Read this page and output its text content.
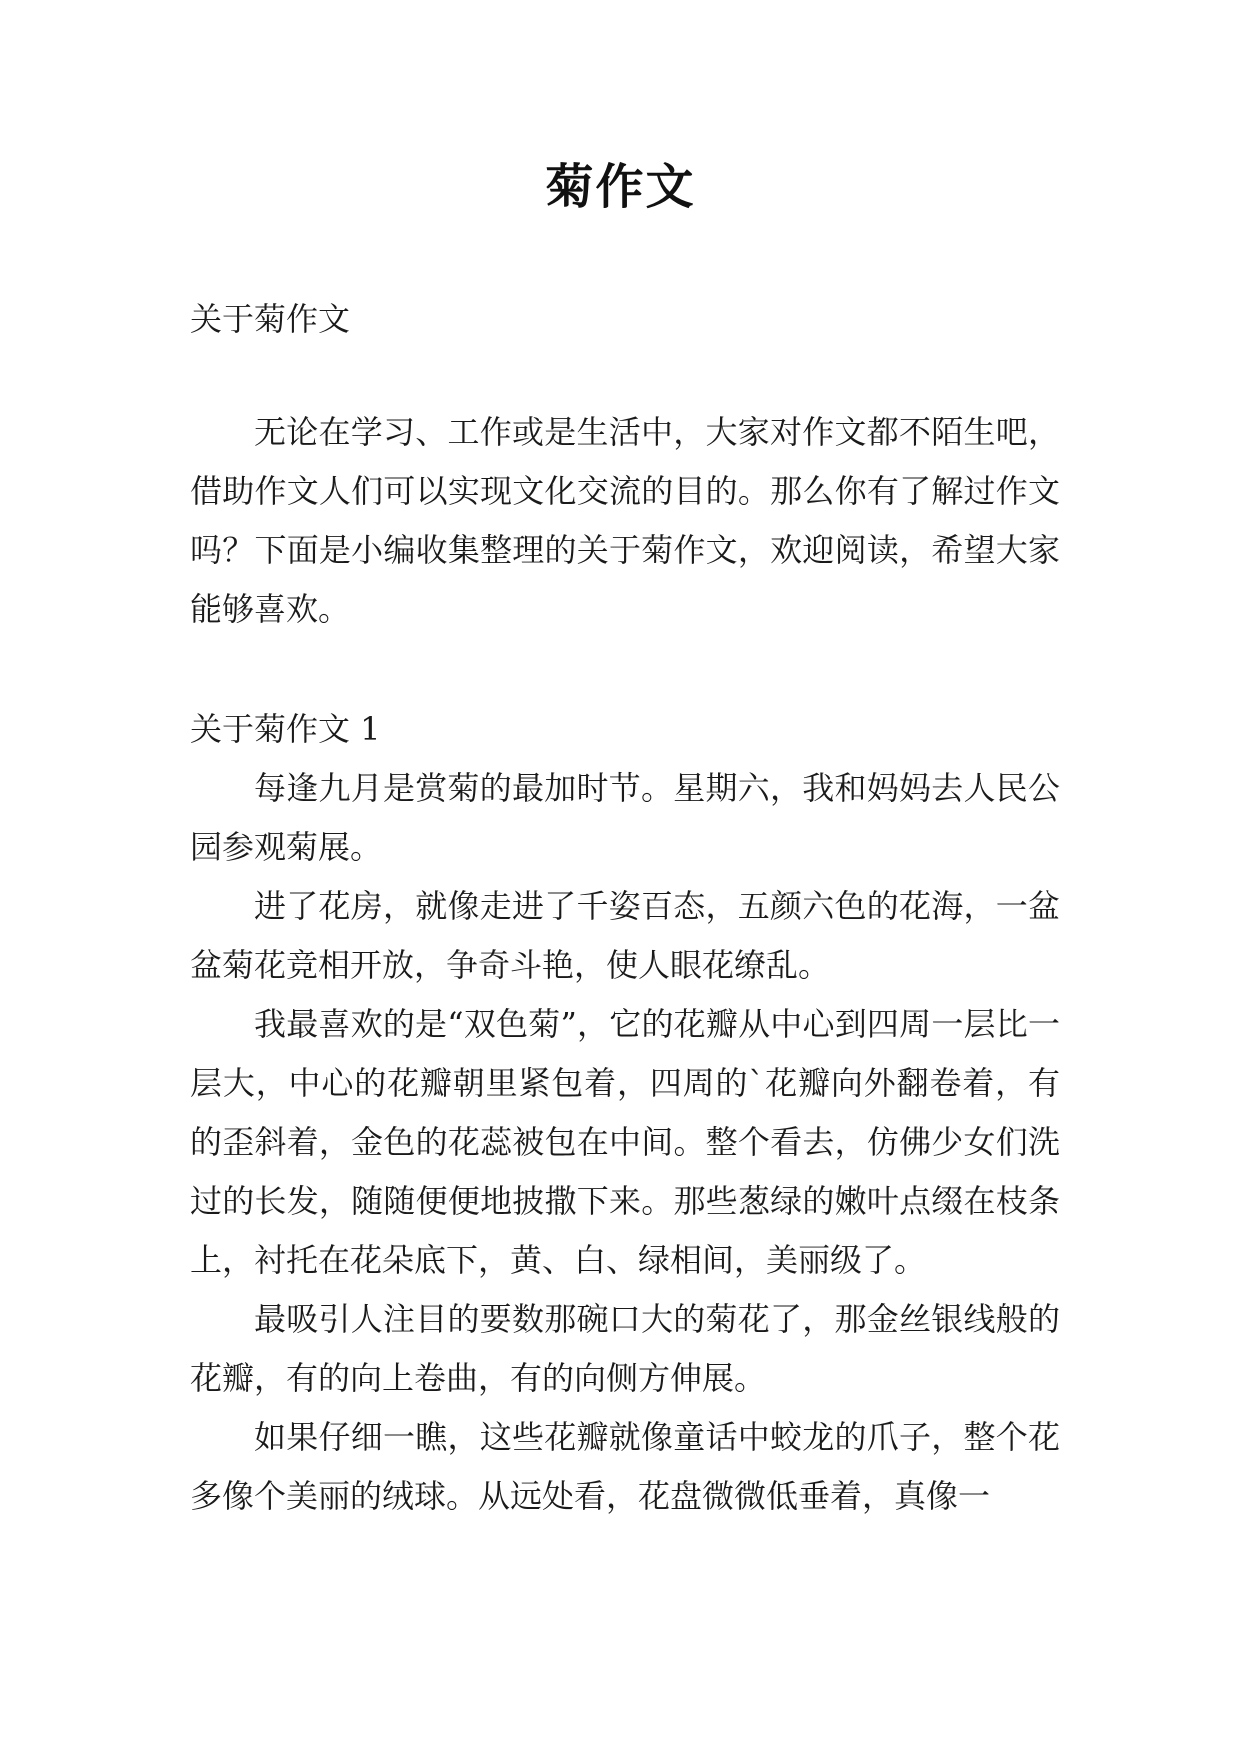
菊作文
关于菊作文

无论在学习、工作或是生活中，大家对作文都不陌生吧，借助作文人们可以实现文化交流的目的。那么你有了解过作文吗？下面是小编收集整理的关于菊作文，欢迎阅读，希望大家能够喜欢。

关于菊作文 1

每逢九月是赏菊的最加时节。星期六，我和妈妈去人民公园参观菊展。

进了花房，就像走进了千姿百态，五颜六色的花海，一盆盆菊花竞相开放，争奇斗艳，使人眼花缭乱。

我最喜欢的是“双色菊”，它的花瓣从中心到四周一层比一层大，中心的花瓣朝里紧包着，四周的`花瓣向外翻卷着，有的歪斜着，金色的花蕊被包在中间。整个看去，仿佛少女们洗过的长发，随随便便地披撒下来。那些葱绿的嫩叶点缀在枝条上，衬托在花朵底下，黄、白、绿相间，美丽级了。

最吸引人注目的要数那碗口大的菊花了，那金丝银线般的花瓣，有的向上卷曲，有的向侧方伸展。

如果仔细一瞧，这些花瓣就像童话中蛟龙的爪子，整个花多像个美丽的绒球。从远处看，花盘微微低垂着，真像一
